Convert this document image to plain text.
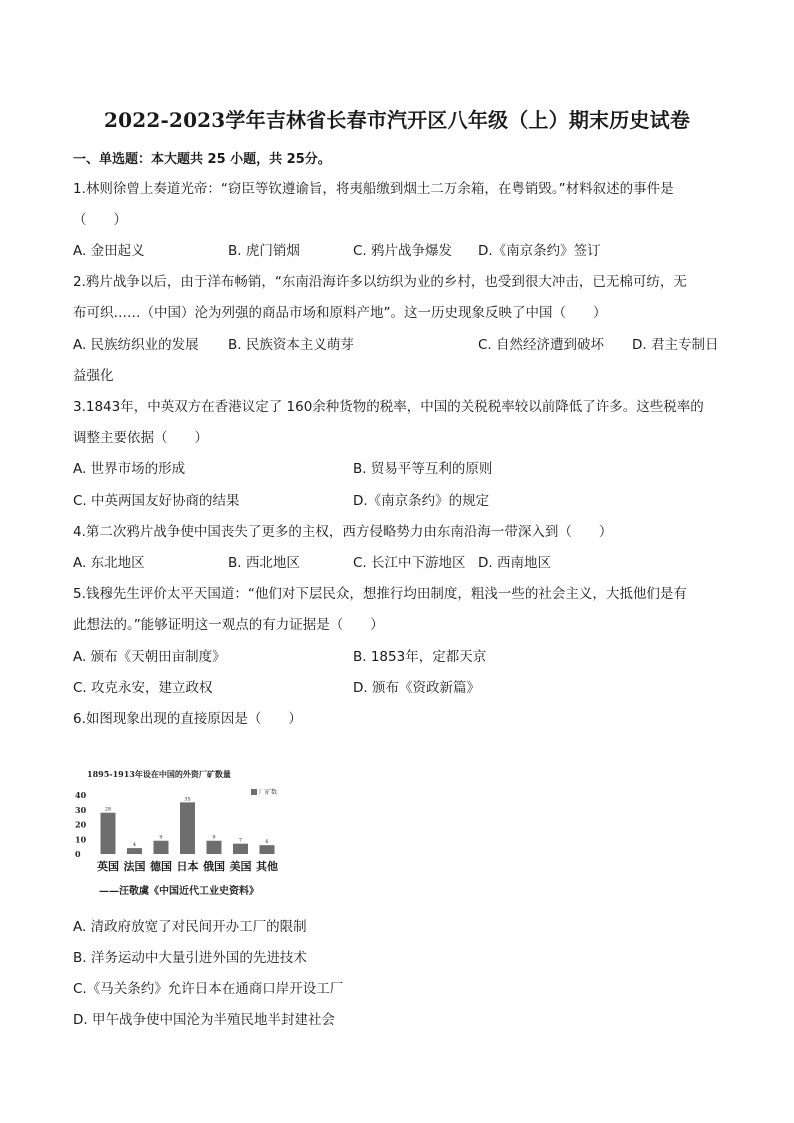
2022-2023学年吉林省长春市汽开区八年级（上）期末历史试卷
一、单选题：本大题共 25 小题，共 25分。
1.林则徐曾上奏道光帝：“窃臣等钦遵谕旨，将夷船缴到烟土二万余箱，在粤销毁。”材料叙述的事件是
（　　）
A. 金田起义	B. 虎门销烟	C. 鸦片战争爆发 D.《南京条约》签订
2.鸦片战争以后，由于洋布畅销，“东南沿海许多以纺织为业的乡村，也受到很大冲击，已无棉可纺，无
布可织……（中国）沦为列强的商品市场和原料产地”。这一历史现象反映了中国（　　）
A. 民族纺织业的发展 B. 民族资本主义萌芽	C. 自然经济遭到破坏 D. 君主专制日
益强化
3.1843年，中英双方在香港议定了 160余种货物的税率，中国的关税税率较以前降低了许多。这些税率的
调整主要依据（　　）
A. 世界市场的形成	B. 贸易平等互利的原则
C. 中英两国友好协商的结果	D.《南京条约》的规定
4.第二次鸦片战争使中国丧失了更多的主权，西方侵略势力由东南沿海一带深入到（　　）
A. 东北地区	B. 西北地区	C. 长江中下游地区 D. 西南地区
5.钱穆先生评价太平天国道：“他们对下层民众，想推行均田制度，粗浅一些的社会主义，大抵他们是有
此想法的。”能够证明这一观点的有力证据是（　　）
A. 颁布《天朝田亩制度》	B. 1853年，定都天京
C. 攻克永安，建立政权	D. 颁布《资政新篇》
6.如图现象出现的直接原因是（　　）
1895-1913年设在中国的外资厂矿数量
厂矿数
40
30
20
10
0
28
4
9
35
9	7	6
英国 法国 德国 日本 俄国 美国 其他
——汪敬虞《中国近代工业史资料》
A. 清政府放宽了对民间开办工厂的限制
B. 洋务运动中大量引进外国的先进技术
C.《马关条约》允许日本在通商口岸开设工厂
D. 甲午战争使中国沦为半殖民地半封建社会
